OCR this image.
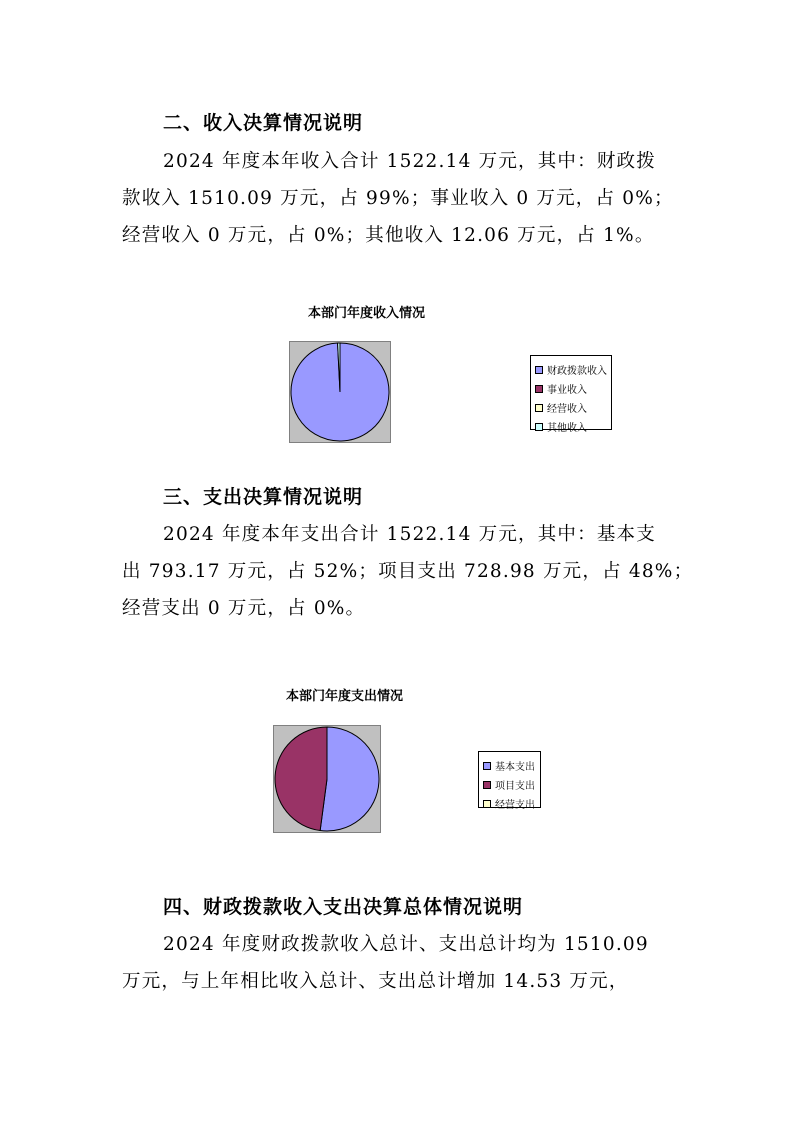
二、收入决算情况说明
2024 年度本年收入合计 1522.14 万元，其中：财政拨
款收入 1510.09 万元，占 99%；事业收入 0 万元，占 0%；
经营收入 0 万元，占 0%；其他收入 12.06 万元，占 1%。
本部门年度收入情况
财政拨款收入
事业收入
经营收入
其他收入
三、支出决算情况说明
2024 年度本年支出合计 1522.14 万元，其中：基本支
出 793.17 万元，占 52%；项目支出 728.98 万元，占 48%；
经营支出 0 万元，占 0%。
本部门年度支出情况
基本支出
项目支出
经营支出
四、财政拨款收入支出决算总体情况说明
2024 年度财政拨款收入总计、支出总计均为 1510.09
万元，与上年相比收入总计、支出总计增加 14.53 万元，
